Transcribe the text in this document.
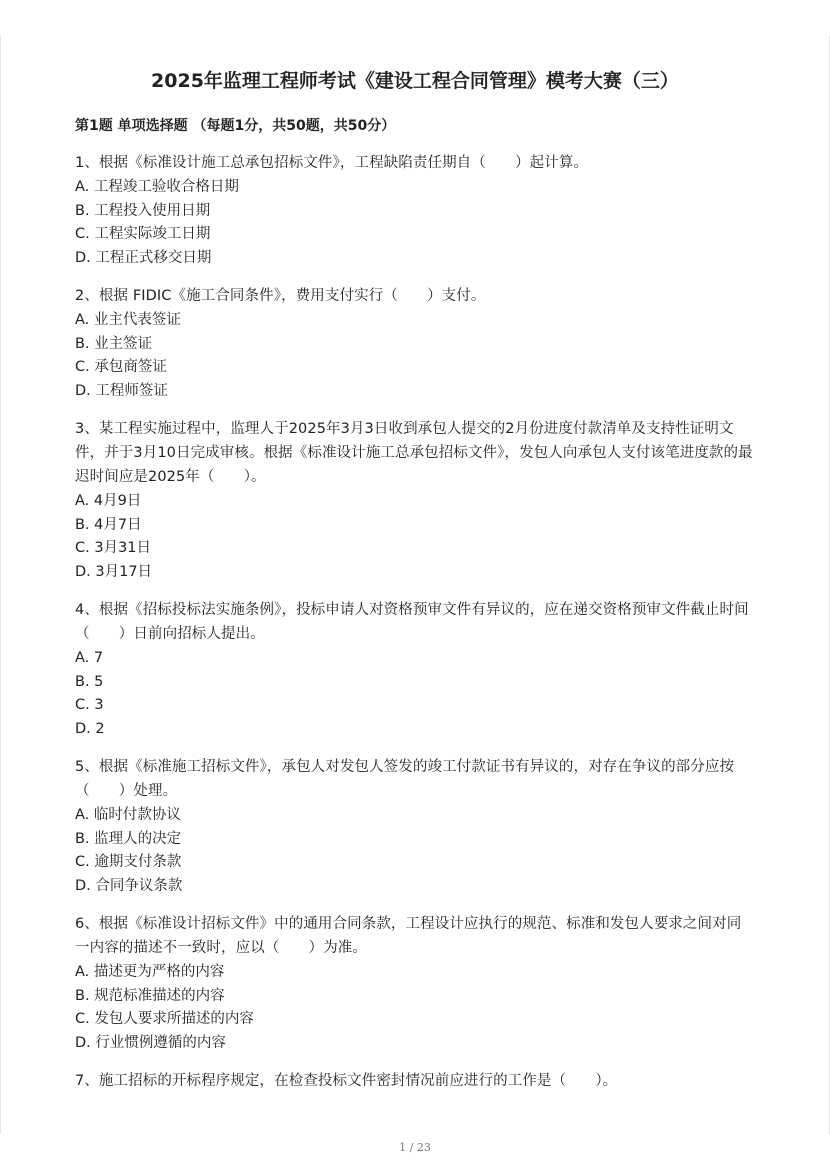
2025年监理工程师考试《建设工程合同管理》模考大赛（三）
第1题 单项选择题 （每题1分，共50题，共50分）
1、根据《标准设计施工总承包招标文件》，工程缺陷责任期自（　　）起计算。
A. 工程竣工验收合格日期
B. 工程投入使用日期
C. 工程实际竣工日期
D. 工程正式移交日期
2、根据 FIDIC《施工合同条件》，费用支付实行（　　）支付。
A. 业主代表签证
B. 业主签证
C. 承包商签证
D. 工程师签证
3、某工程实施过程中，监理人于2025年3月3日收到承包人提交的2月份进度付款清单及支持性证明文件，并于3月10日完成审核。根据《标准设计施工总承包招标文件》，发包人向承包人支付该笔进度款的最迟时间应是2025年（　　）。
A. 4月9日
B. 4月7日
C. 3月31日
D. 3月17日
4、根据《招标投标法实施条例》，投标申请人对资格预审文件有异议的，应在递交资格预审文件截止时间（　　）日前向招标人提出。
A. 7
B. 5
C. 3
D. 2
5、根据《标准施工招标文件》，承包人对发包人签发的竣工付款证书有异议的，对存在争议的部分应按（　　）处理。
A. 临时付款协议
B. 监理人的决定
C. 逾期支付条款
D. 合同争议条款
6、根据《标准设计招标文件》中的通用合同条款，工程设计应执行的规范、标准和发包人要求之间对同一内容的描述不一致时，应以（　　）为准。
A. 描述更为严格的内容
B. 规范标准描述的内容
C. 发包人要求所描述的内容
D. 行业惯例遵循的内容
7、施工招标的开标程序规定，在检查投标文件密封情况前应进行的工作是（　　）。
1 / 23
